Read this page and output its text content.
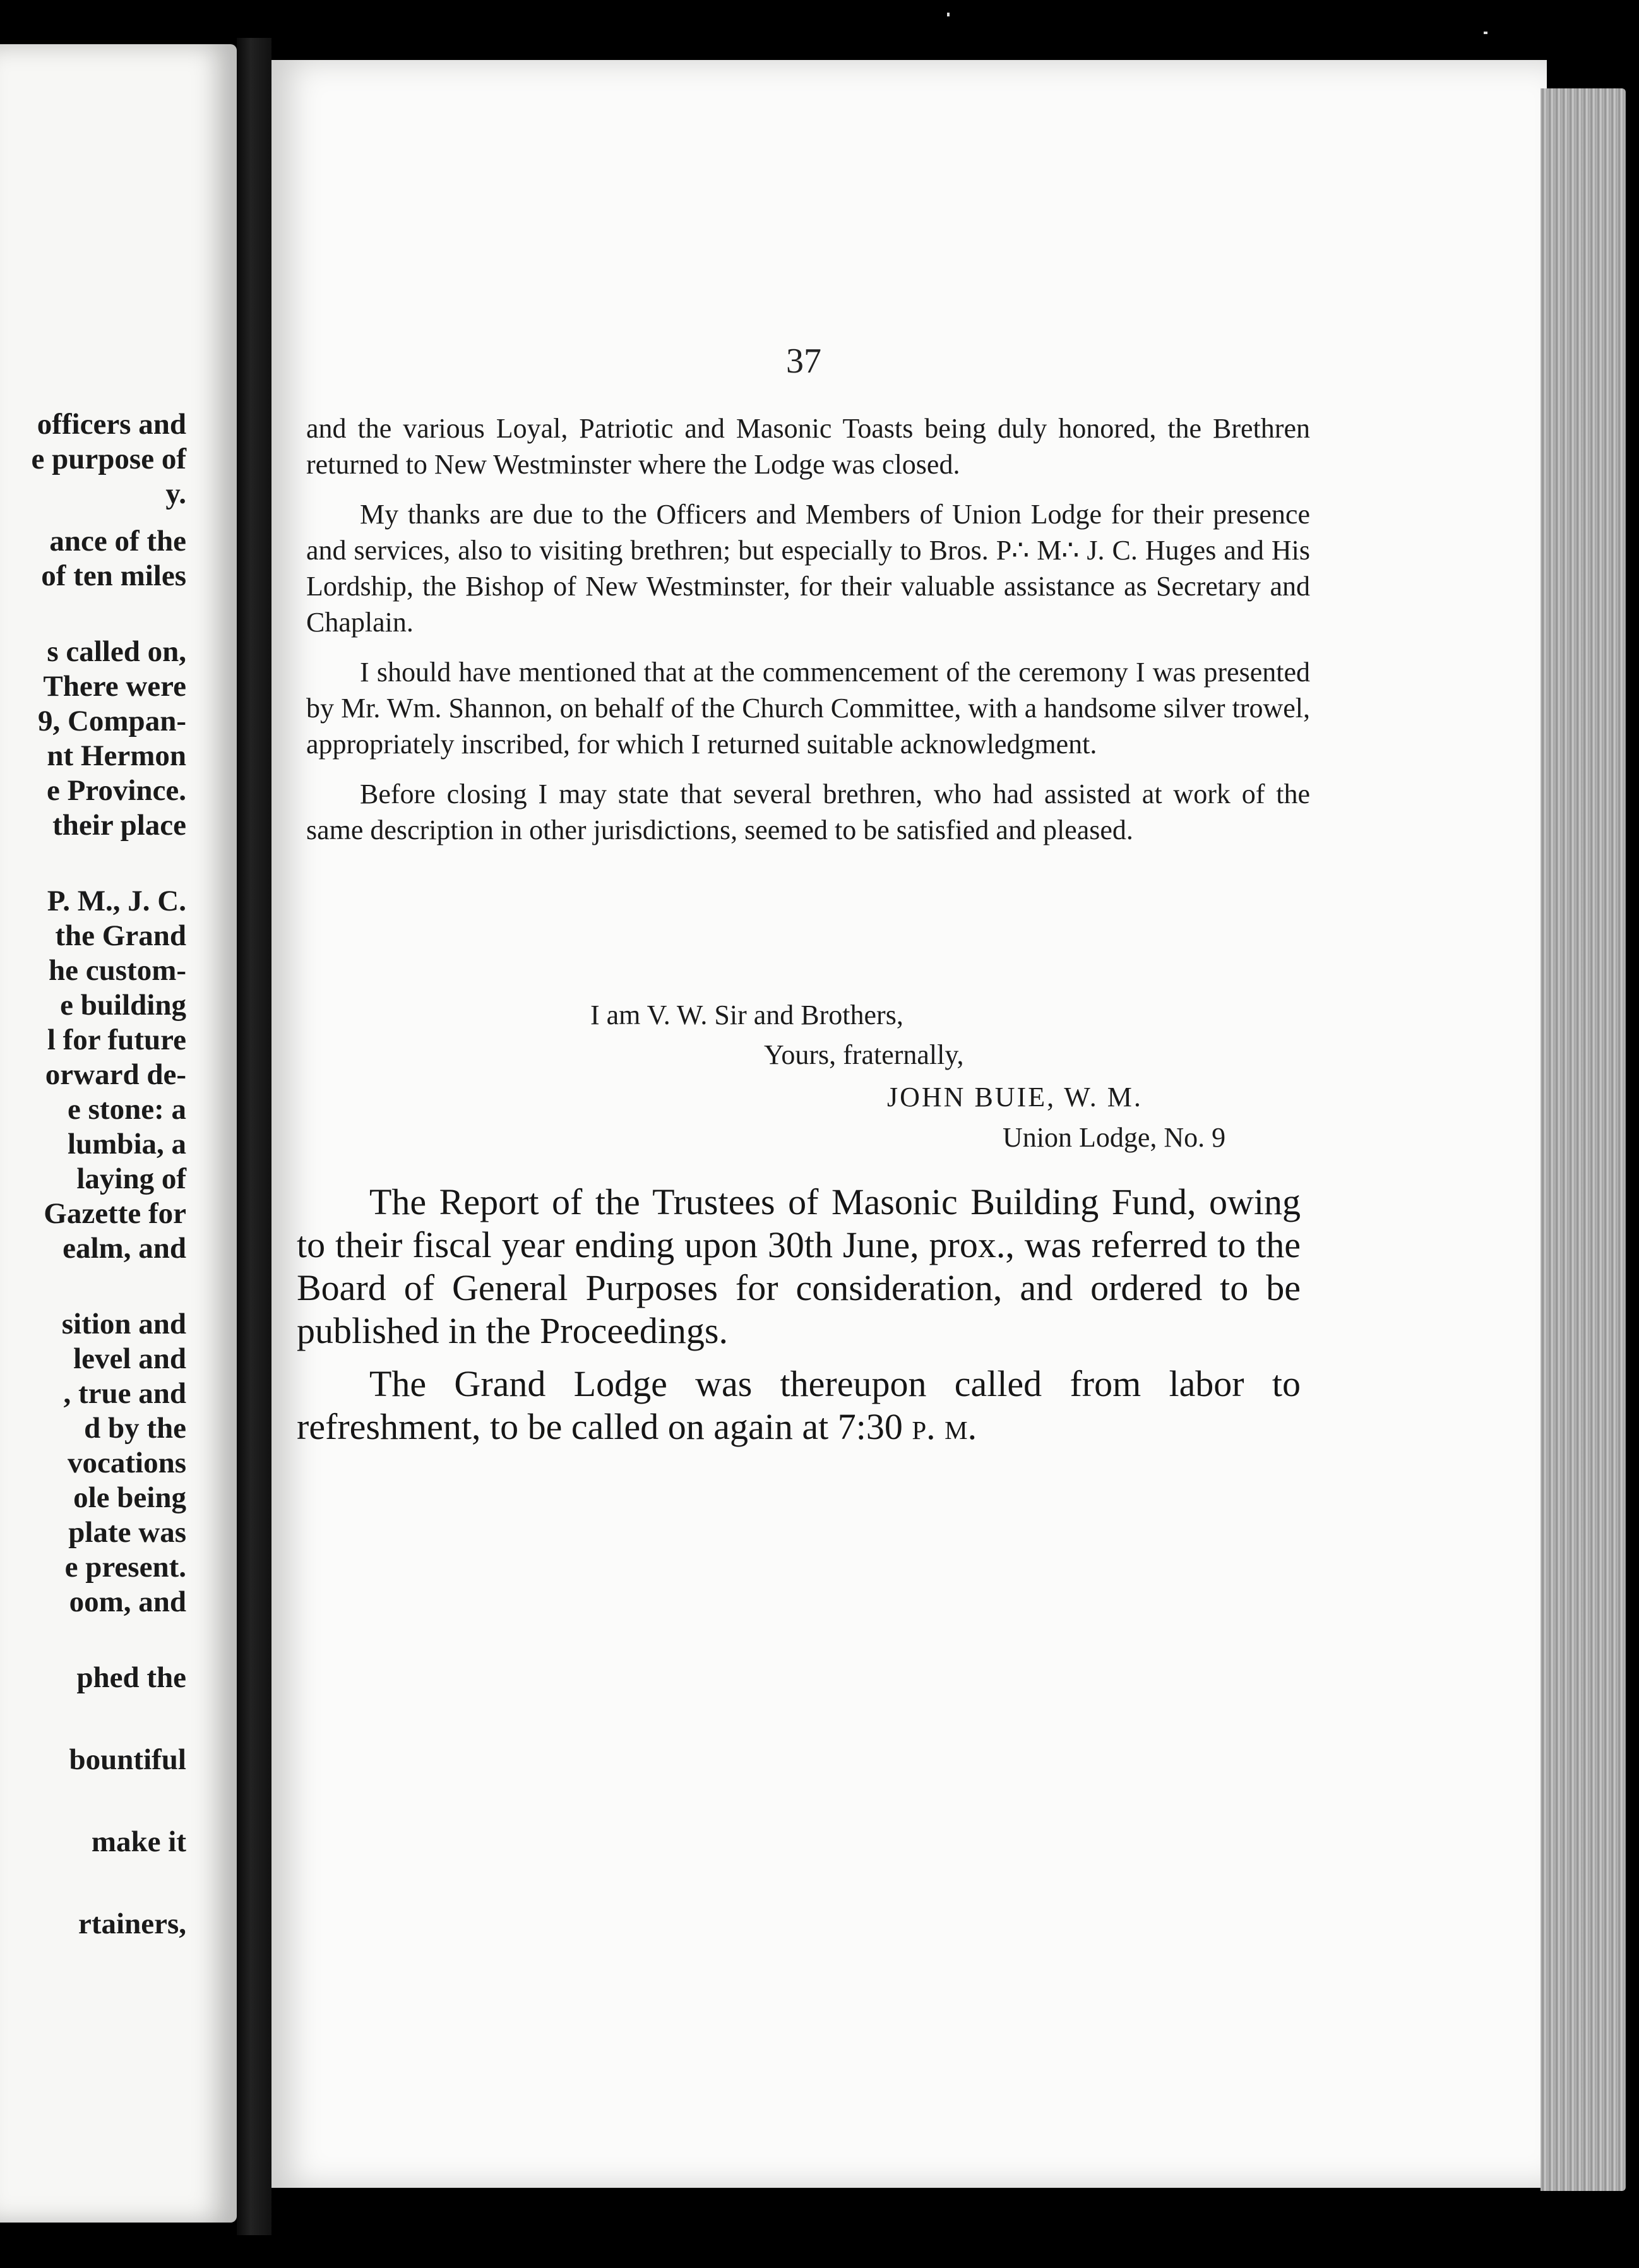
officers and
e purpose of
y.
ance of the
of ten miles
s called on,
There were
9, Compan-
nt Hermon
e Province.
their place
P. M., J. C.
the Grand
he custom-
e building
l for future
orward de-
e stone: a
lumbia, a
laying of
Gazette for
ealm, and
sition and
level and
, true and
d by the
vocations
ole being
plate was
e present.
oom, and
phed the
bountiful
make it
rtainers,
37

and the various Loyal, Patriotic and Masonic Toasts being duly honored, the Brethren returned to New Westminster where the Lodge was closed.

My thanks are due to the Officers and Members of Union Lodge for their presence and services, also to visiting brethren; but especially to Bros. P∴ M∴ J. C. Huges and His Lordship, the Bishop of New Westminster, for their valuable assistance as Secretary and Chaplain.

I should have mentioned that at the commencement of the ceremony I was presented by Mr. Wm. Shannon, on behalf of the Church Committee, with a handsome silver trowel, appropriately inscribed, for which I returned suitable acknowledgment.

Before closing I may state that several brethren, who had assisted at work of the same description in other jurisdictions, seemed to be satisfied and pleased.

I am V. W. Sir and Brothers,
Yours, fraternally,
JOHN BUIE, W. M.
Union Lodge, No. 9

The Report of the Trustees of Masonic Building Fund, owing to their fiscal year ending upon 30th June, prox., was referred to the Board of General Purposes for consideration, and ordered to be published in the Proceedings.

The Grand Lodge was thereupon called from labor to refreshment, to be called on again at 7:30 p. m.
